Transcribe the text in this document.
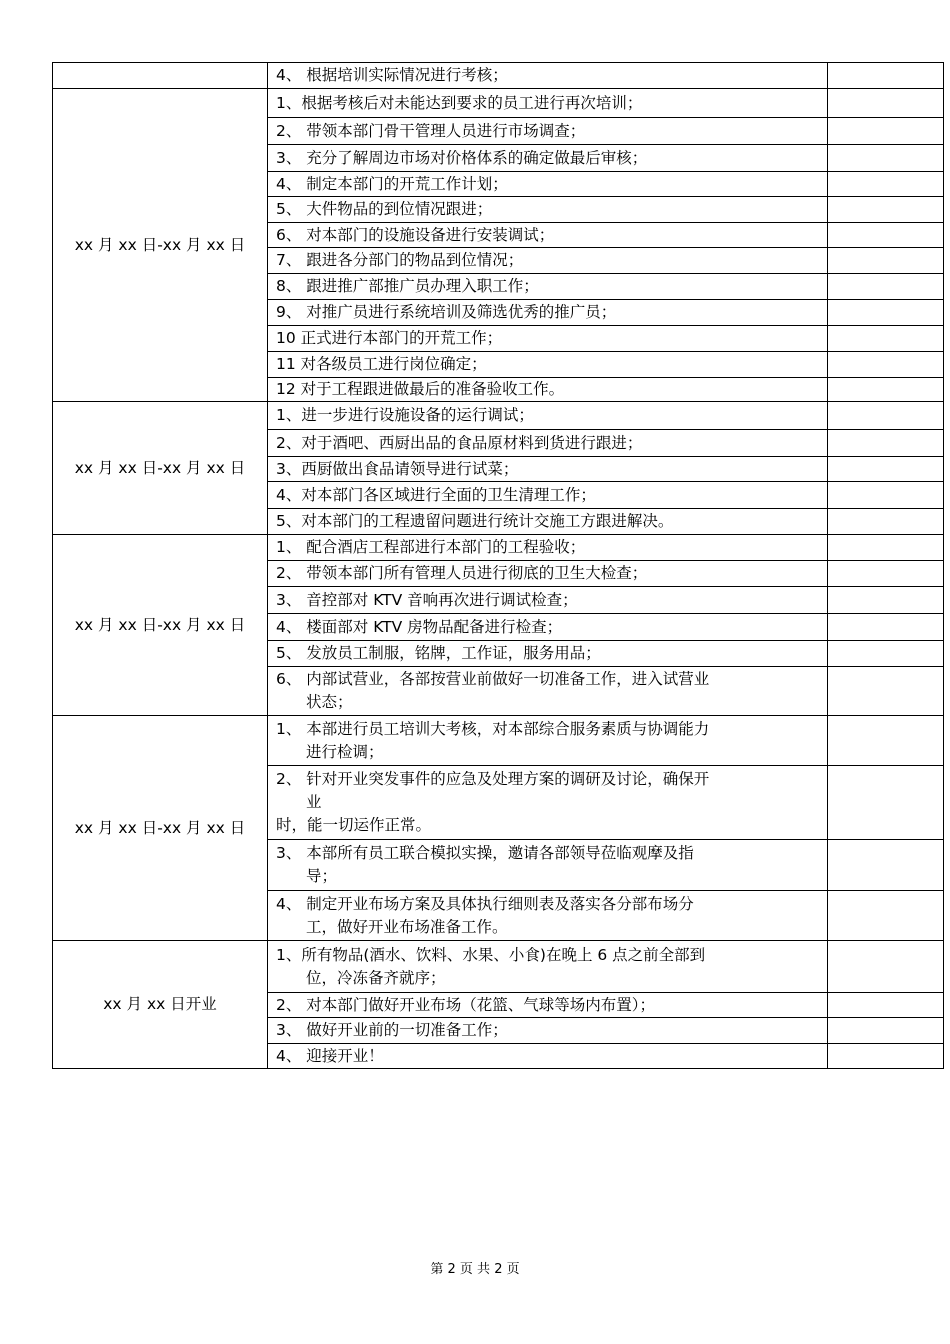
	4、 根据培训实际情况进行考核；	
xx 月 xx 日-xx 月 xx 日	1、根据考核后对未能达到要求的员工进行再次培训；	
	2、 带领本部门骨干管理人员进行市场调查；	
	3、 充分了解周边市场对价格体系的确定做最后审核；	
	4、 制定本部门的开荒工作计划；	
	5、 大件物品的到位情况跟进；	
	6、 对本部门的设施设备进行安装调试；	
	7、 跟进各分部门的物品到位情况；	
	8、 跟进推广部推广员办理入职工作；	
	9、 对推广员进行系统培训及筛选优秀的推广员；	
	10 正式进行本部门的开荒工作；	
	11 对各级员工进行岗位确定；	
	12 对于工程跟进做最后的准备验收工作。	
xx 月 xx 日-xx 月 xx 日	1、进一步进行设施设备的运行调试；	
	2、对于酒吧、西厨出品的食品原材料到货进行跟进；	
	3、西厨做出食品请领导进行试菜；	
	4、对本部门各区域进行全面的卫生清理工作；	
	5、对本部门的工程遗留问题进行统计交施工方跟进解决。	
xx 月 xx 日-xx 月 xx 日	1、 配合酒店工程部进行本部门的工程验收；	
	2、 带领本部门所有管理人员进行彻底的卫生大检查；	
	3、 音控部对 KTV 音响再次进行调试检查；	
	4、 楼面部对 KTV 房物品配备进行检查；	
	5、 发放员工制服，铭牌，工作证，服务用品；	

	6、 内部试营业，各部按营业前做好一切准备工作，进入试营业
状态；	

xx 月 xx 日-xx 月 xx 日	1、 本部进行员工培训大考核，对本部综合服务素质与协调能力
进行检调；	

	2、 针对开业突发事件的应急及处理方案的调研及讨论，确保开
业
时，能一切运作正常。	

	3、 本部所有员工联合模拟实操，邀请各部领导莅临观摩及指
导；	

	4、 制定开业布场方案及具体执行细则表及落实各分部布场分
工，做好开业布场准备工作。	

xx 月 xx 日开业	1、所有物品(酒水、饮料、水果、小食)在晚上 6 点之前全部到
位，冷冻备齐就序；	

	2、 对本部门做好开业布场（花篮、气球等场内布置）；	
	3、 做好开业前的一切准备工作；	
	4、 迎接开业！	
第 2 页 共 2 页
